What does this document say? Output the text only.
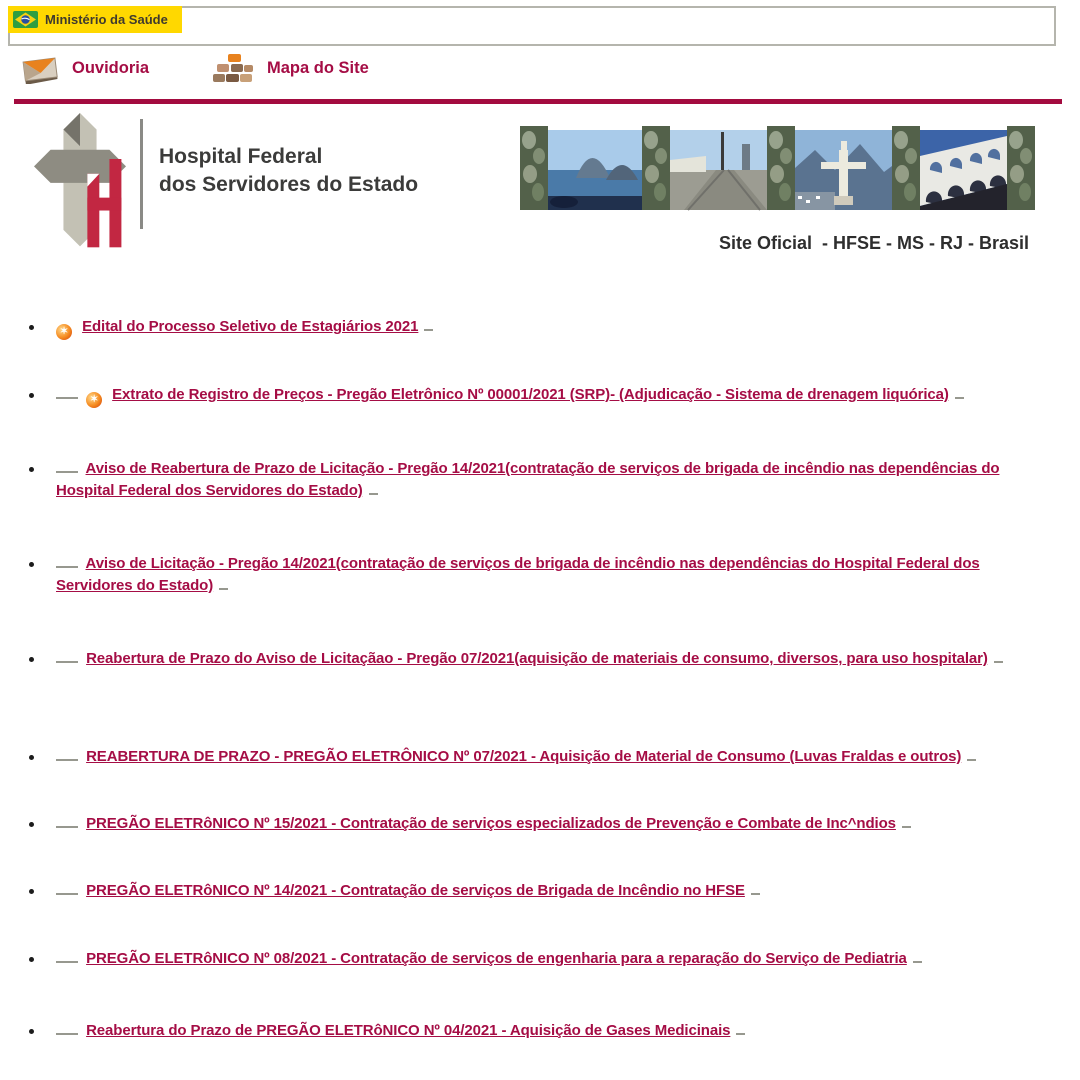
Ministério da Saúde
Ouvidoria	Mapa do Site
Hospital Federal
dos Servidores do Estado
Site Oficial  - HFSE - MS - RJ - Brasil
✶ Edital do Processo Seletivo de Estagiários 2021
✶ Extrato de Registro de Preços - Pregão Eletrônico Nº 00001/2021 (SRP)- (Adjudicação - Sistema de drenagem liquórica)
Aviso de Reabertura de Prazo de Licitação - Pregão 14/2021(contratação de serviços de brigada de incêndio nas dependências do Hospital Federal dos Servidores do Estado)
Aviso de Licitação - Pregão 14/2021(contratação de serviços de brigada de incêndio nas dependências do Hospital Federal dos Servidores do Estado)
Reabertura de Prazo do Aviso de Licitaçãao - Pregão 07/2021(aquisição de materiais de consumo, diversos, para uso hospitalar)
REABERTURA DE PRAZO - PREGÃO ELETRÔNICO Nº 07/2021 - Aquisição de Material de Consumo (Luvas Fraldas e outros)
PREGÃO ELETRôNICO Nº 15/2021 - Contratação de serviços especializados de Prevenção e Combate de Inc^ndios
PREGÃO ELETRôNICO Nº 14/2021 - Contratação de serviços de Brigada de Incêndio no HFSE
PREGÃO ELETRôNICO Nº 08/2021 - Contratação de serviços de engenharia para a reparação do Serviço de Pediatria
Reabertura do Prazo de PREGÃO ELETRôNICO Nº 04/2021 - Aquisição de Gases Medicinais
